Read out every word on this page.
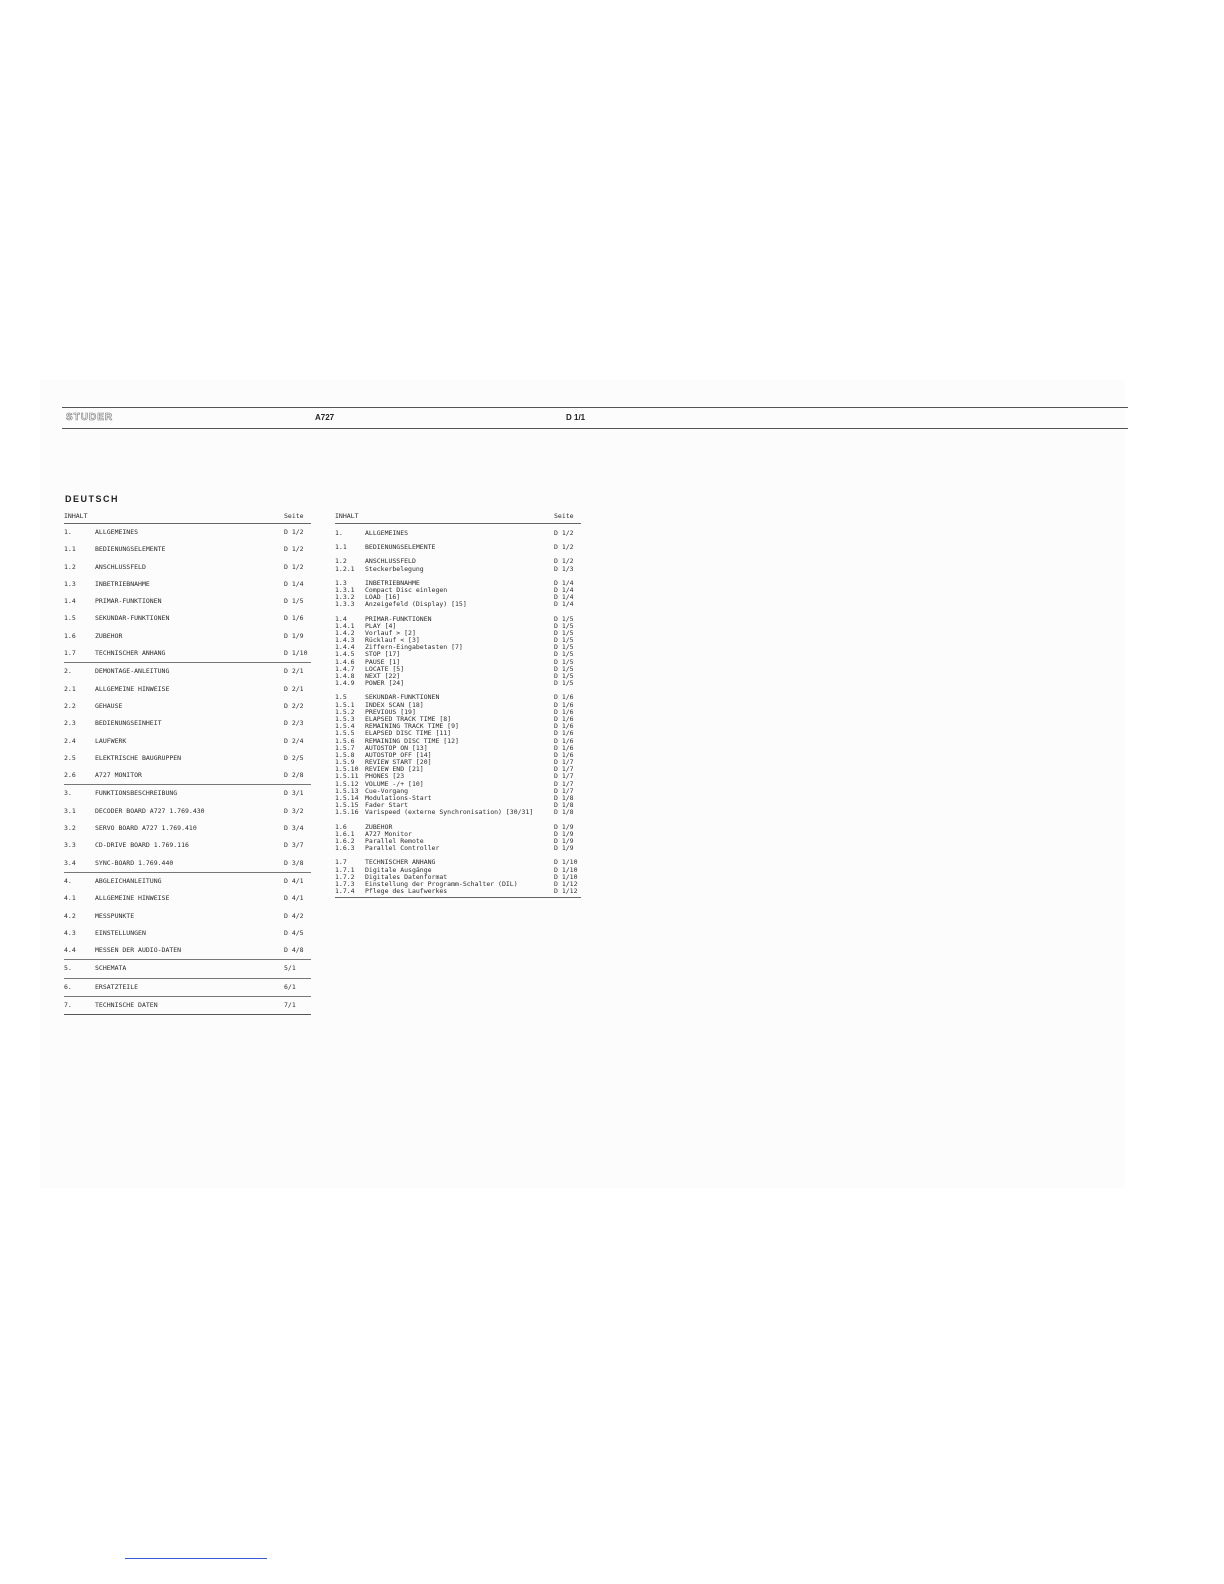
STUDER	A727	D 1/1
DEUTSCH
INHALT	Seite
1.	ALLGEMEINES	D 1/2
1.1	BEDIENUNGSELEMENTE	D 1/2
1.2	ANSCHLUSSFELD	D 1/2
1.3	INBETRIEBNAHME	D 1/4
1.4	PRIMAR-FUNKTIONEN	D 1/5
1.5	SEKUNDAR-FUNKTIONEN	D 1/6
1.6	ZUBEHOR	D 1/9
1.7	TECHNISCHER ANHANG	D 1/10
2.	DEMONTAGE-ANLEITUNG	D 2/1
2.1	ALLGEMEINE HINWEISE	D 2/1
2.2	GEHAUSE	D 2/2
2.3	BEDIENUNGSEINHEIT	D 2/3
2.4	LAUFWERK	D 2/4
2.5	ELEKTRISCHE BAUGRUPPEN	D 2/5
2.6	A727 MONITOR	D 2/8
3.	FUNKTIONSBESCHREIBUNG	D 3/1
3.1	DECODER BOARD A727 1.769.430	D 3/2
3.2	SERVO BOARD A727 1.769.410	D 3/4
3.3	CD-DRIVE BOARD 1.769.116	D 3/7
3.4	SYNC-BOARD 1.769.440	D 3/8
4.	ABGLEICHANLEITUNG	D 4/1
4.1	ALLGEMEINE HINWEISE	D 4/1
4.2	MESSPUNKTE	D 4/2
4.3	EINSTELLUNGEN	D 4/5
4.4	MESSEN DER AUDIO-DATEN	D 4/8
5.	SCHEMATA	5/1
6.	ERSATZTEILE	6/1
7.	TECHNISCHE DATEN	7/1
INHALT	Seite
1.	ALLGEMEINES	D 1/2
1.1	BEDIENUNGSELEMENTE	D 1/2
1.2	ANSCHLUSSFELD	D 1/2
1.2.1 Steckerbelegung	D 1/3
1.3	INBETRIEBNAHME	D 1/4
1.3.1 Compact Disc einlegen	D 1/4
1.3.2 LOAD [16]	D 1/4
1.3.3 Anzeigefeld (Display) [15]	D 1/4
1.4	PRIMAR-FUNKTIONEN	D 1/5
1.4.1 PLAY [4]	D 1/5
1.4.2 Vorlauf > [2]	D 1/5
1.4.3 Rücklauf < [3]	D 1/5
1.4.4 Ziffern-Eingabetasten [7]	D 1/5
1.4.5 STOP [17]	D 1/5
1.4.6 PAUSE [1]	D 1/5
1.4.7 LOCATE [5]	D 1/5
1.4.8 NEXT [22]	D 1/5
1.4.9 POWER [24]	D 1/5
1.5	SEKUNDAR-FUNKTIONEN	D 1/6
1.5.1 INDEX SCAN [18]	D 1/6
1.5.2 PREVIOUS [19]	D 1/6
1.5.3 ELAPSED TRACK TIME [8]	D 1/6
1.5.4 REMAINING TRACK TIME [9]	D 1/6
1.5.5 ELAPSED DISC TIME [11]	D 1/6
1.5.6 REMAINING DISC TIME [12]	D 1/6
1.5.7 AUTOSTOP ON [13]	D 1/6
1.5.8 AUTOSTOP OFF [14]	D 1/6
1.5.9 REVIEW START [20]	D 1/7
1.5.10 REVIEW END [21]	D 1/7
1.5.11 PHONES [23	D 1/7
1.5.12 VOLUME -/+ [10]	D 1/7
1.5.13 Cue-Vorgang	D 1/7
1.5.14 Modulations-Start	D 1/8
1.5.15 Fader Start	D 1/8
1.5.16 Varispeed (externe Synchronisation) [30/31]	D 1/8
1.6	ZUBEHOR	D 1/9
1.6.1 A727 Monitor	D 1/9
1.6.2 Parallel Remote	D 1/9
1.6.3 Parallel Controller	D 1/9
1.7	TECHNISCHER ANHANG	D 1/10
1.7.1 Digitale Ausgänge	D 1/10
1.7.2 Digitales Datenformat	D 1/10
1.7.3 Einstellung der Programm-Schalter (DIL)	D 1/12
1.7.4 Pflege des Laufwerkes	D 1/12
